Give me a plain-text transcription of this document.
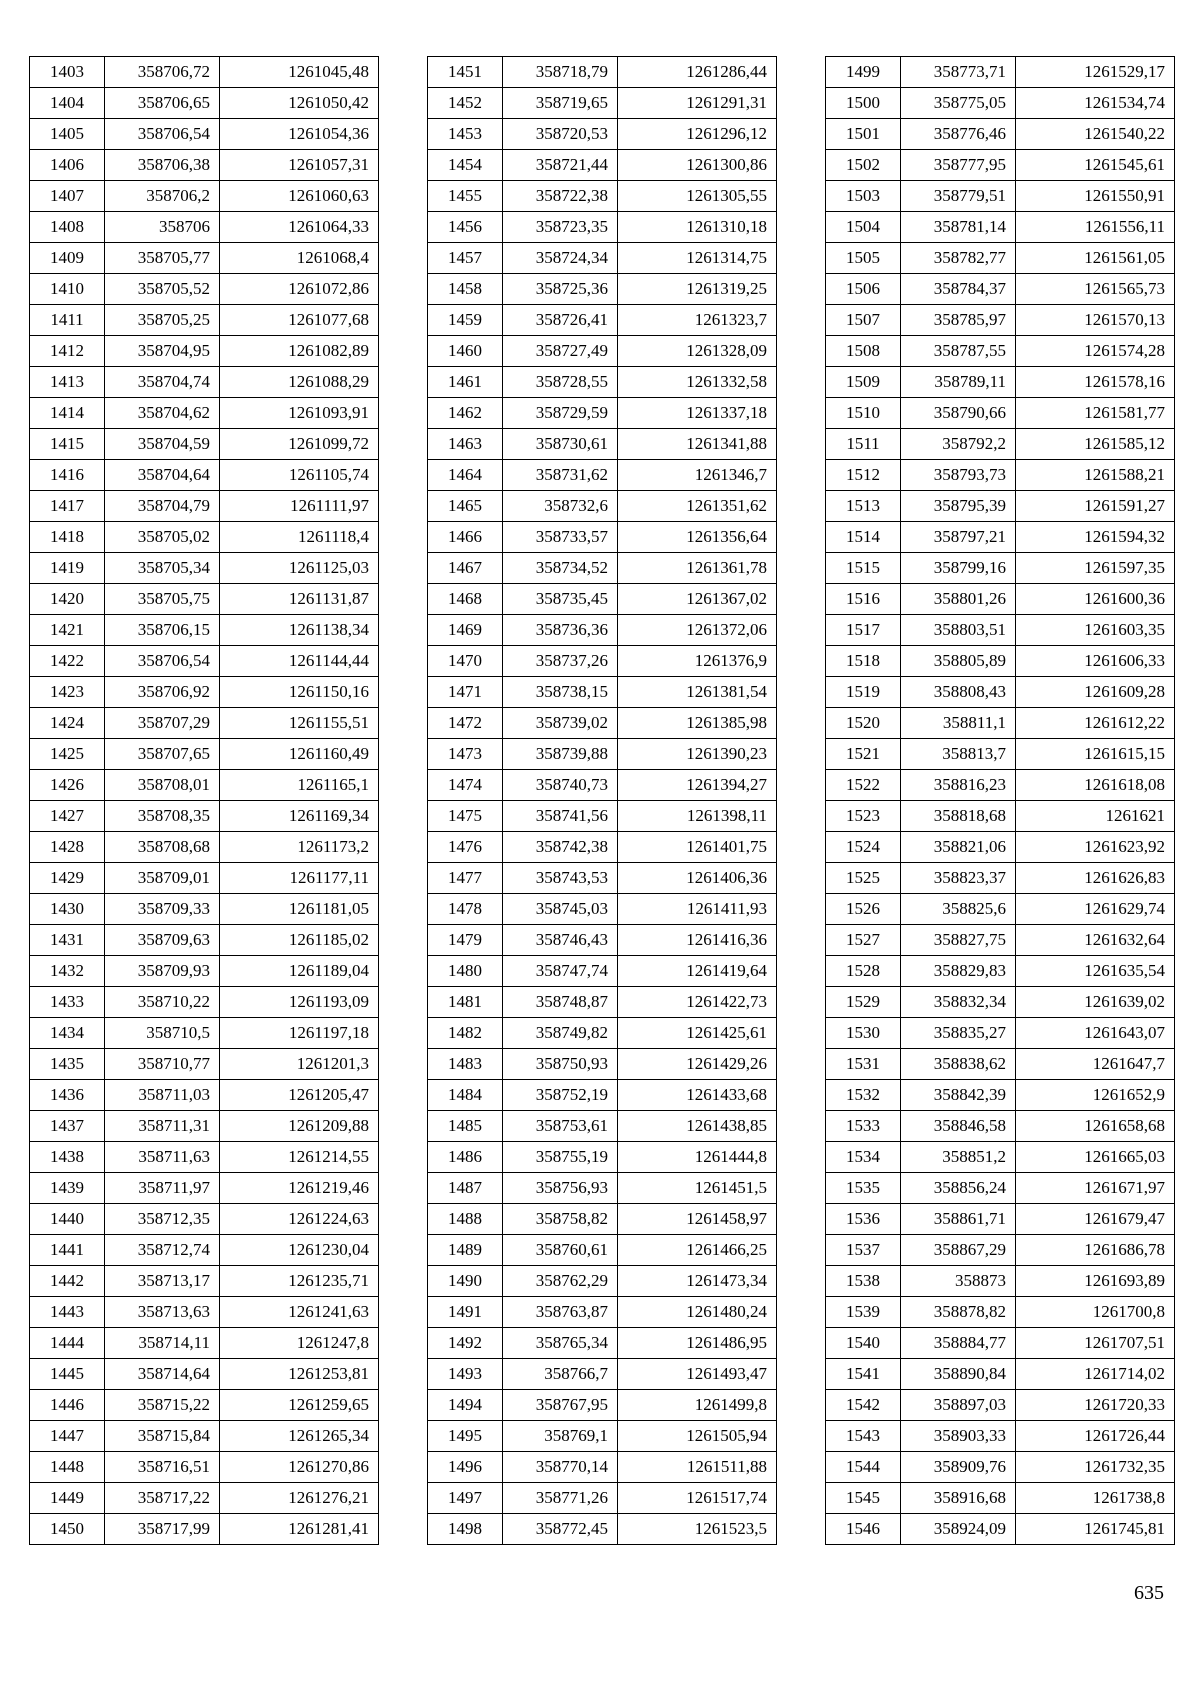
1403	358706,72	1261045,48
1404	358706,65	1261050,42
1405	358706,54	1261054,36
1406	358706,38	1261057,31
1407	358706,2	1261060,63
1408	358706	1261064,33
1409	358705,77	1261068,4
1410	358705,52	1261072,86
1411	358705,25	1261077,68
1412	358704,95	1261082,89
1413	358704,74	1261088,29
1414	358704,62	1261093,91
1415	358704,59	1261099,72
1416	358704,64	1261105,74
1417	358704,79	1261111,97
1418	358705,02	1261118,4
1419	358705,34	1261125,03
1420	358705,75	1261131,87
1421	358706,15	1261138,34
1422	358706,54	1261144,44
1423	358706,92	1261150,16
1424	358707,29	1261155,51
1425	358707,65	1261160,49
1426	358708,01	1261165,1
1427	358708,35	1261169,34
1428	358708,68	1261173,2
1429	358709,01	1261177,11
1430	358709,33	1261181,05
1431	358709,63	1261185,02
1432	358709,93	1261189,04
1433	358710,22	1261193,09
1434	358710,5	1261197,18
1435	358710,77	1261201,3
1436	358711,03	1261205,47
1437	358711,31	1261209,88
1438	358711,63	1261214,55
1439	358711,97	1261219,46
1440	358712,35	1261224,63
1441	358712,74	1261230,04
1442	358713,17	1261235,71
1443	358713,63	1261241,63
1444	358714,11	1261247,8
1445	358714,64	1261253,81
1446	358715,22	1261259,65
1447	358715,84	1261265,34
1448	358716,51	1261270,86
1449	358717,22	1261276,21
1450	358717,99	1261281,41
1451	358718,79	1261286,44
1452	358719,65	1261291,31
1453	358720,53	1261296,12
1454	358721,44	1261300,86
1455	358722,38	1261305,55
1456	358723,35	1261310,18
1457	358724,34	1261314,75
1458	358725,36	1261319,25
1459	358726,41	1261323,7
1460	358727,49	1261328,09
1461	358728,55	1261332,58
1462	358729,59	1261337,18
1463	358730,61	1261341,88
1464	358731,62	1261346,7
1465	358732,6	1261351,62
1466	358733,57	1261356,64
1467	358734,52	1261361,78
1468	358735,45	1261367,02
1469	358736,36	1261372,06
1470	358737,26	1261376,9
1471	358738,15	1261381,54
1472	358739,02	1261385,98
1473	358739,88	1261390,23
1474	358740,73	1261394,27
1475	358741,56	1261398,11
1476	358742,38	1261401,75
1477	358743,53	1261406,36
1478	358745,03	1261411,93
1479	358746,43	1261416,36
1480	358747,74	1261419,64
1481	358748,87	1261422,73
1482	358749,82	1261425,61
1483	358750,93	1261429,26
1484	358752,19	1261433,68
1485	358753,61	1261438,85
1486	358755,19	1261444,8
1487	358756,93	1261451,5
1488	358758,82	1261458,97
1489	358760,61	1261466,25
1490	358762,29	1261473,34
1491	358763,87	1261480,24
1492	358765,34	1261486,95
1493	358766,7	1261493,47
1494	358767,95	1261499,8
1495	358769,1	1261505,94
1496	358770,14	1261511,88
1497	358771,26	1261517,74
1498	358772,45	1261523,5
1499	358773,71	1261529,17
1500	358775,05	1261534,74
1501	358776,46	1261540,22
1502	358777,95	1261545,61
1503	358779,51	1261550,91
1504	358781,14	1261556,11
1505	358782,77	1261561,05
1506	358784,37	1261565,73
1507	358785,97	1261570,13
1508	358787,55	1261574,28
1509	358789,11	1261578,16
1510	358790,66	1261581,77
1511	358792,2	1261585,12
1512	358793,73	1261588,21
1513	358795,39	1261591,27
1514	358797,21	1261594,32
1515	358799,16	1261597,35
1516	358801,26	1261600,36
1517	358803,51	1261603,35
1518	358805,89	1261606,33
1519	358808,43	1261609,28
1520	358811,1	1261612,22
1521	358813,7	1261615,15
1522	358816,23	1261618,08
1523	358818,68	1261621
1524	358821,06	1261623,92
1525	358823,37	1261626,83
1526	358825,6	1261629,74
1527	358827,75	1261632,64
1528	358829,83	1261635,54
1529	358832,34	1261639,02
1530	358835,27	1261643,07
1531	358838,62	1261647,7
1532	358842,39	1261652,9
1533	358846,58	1261658,68
1534	358851,2	1261665,03
1535	358856,24	1261671,97
1536	358861,71	1261679,47
1537	358867,29	1261686,78
1538	358873	1261693,89
1539	358878,82	1261700,8
1540	358884,77	1261707,51
1541	358890,84	1261714,02
1542	358897,03	1261720,33
1543	358903,33	1261726,44
1544	358909,76	1261732,35
1545	358916,68	1261738,8
1546	358924,09	1261745,81
635
